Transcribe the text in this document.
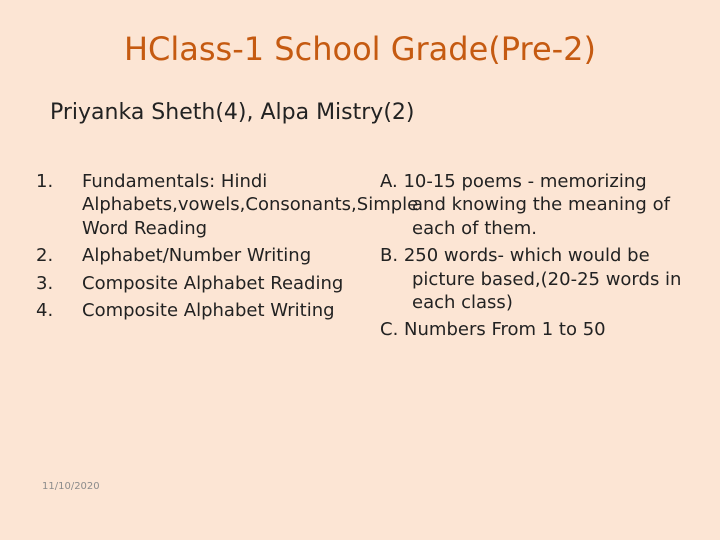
HClass-1 School Grade(Pre-2)
Priyanka Sheth(4), Alpa Mistry(2)
1.	Fundamentals: Hindi Alphabets,vowels,Consonants,Simple Word Reading
2.	Alphabet/Number Writing
3.	Composite Alphabet Reading
4.	Composite Alphabet Writing
A. 10-15 poems - memorizing and knowing the meaning of each of them.
B. 250 words- which would be picture based,(20-25 words in each class)
C. Numbers From 1 to 50
11/10/2020
